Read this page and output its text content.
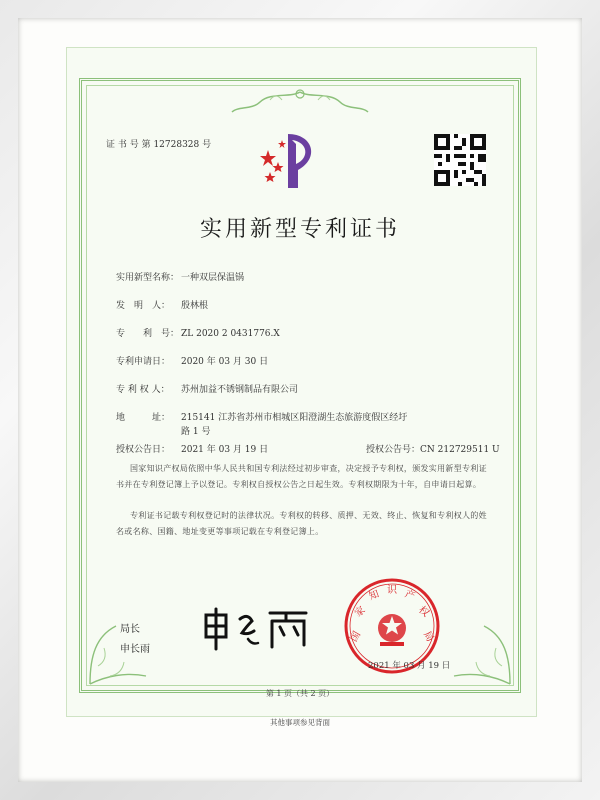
证 书 号 第 12728328 号
实用新型专利证书
实用新型名称： 一种双层保温锅
发　明　人： 殷林根
专　　利　号： ZL 2020 2 0431776.X
专利申请日： 2020 年 03 月 30 日
专 利 权 人： 苏州加益不锈钢制品有限公司
地　　　址： 215141 江苏省苏州市相城区阳澄湖生态旅游度假区经圩
路 1 号
授权公告日： 2021 年 03 月 19 日	授权公告号：CN 212729511 U
国家知识产权局依照中华人民共和国专利法经过初步审查，决定授予专利权，颁发实用新型专利证书并在专利登记簿上予以登记。专利权自授权公告之日起生效。专利权期限为十年，自申请日起算。
专利证书记载专利权登记时的法律状况。专利权的转移、质押、无效、终止、恢复和专利权人的姓名或名称、国籍、地址变更等事项记载在专利登记簿上。
局长
申长雨
国
家
知 识 产
权
局
2021 年 03 月 19 日
第 1 页（共 2 页）
其他事项参见背面
